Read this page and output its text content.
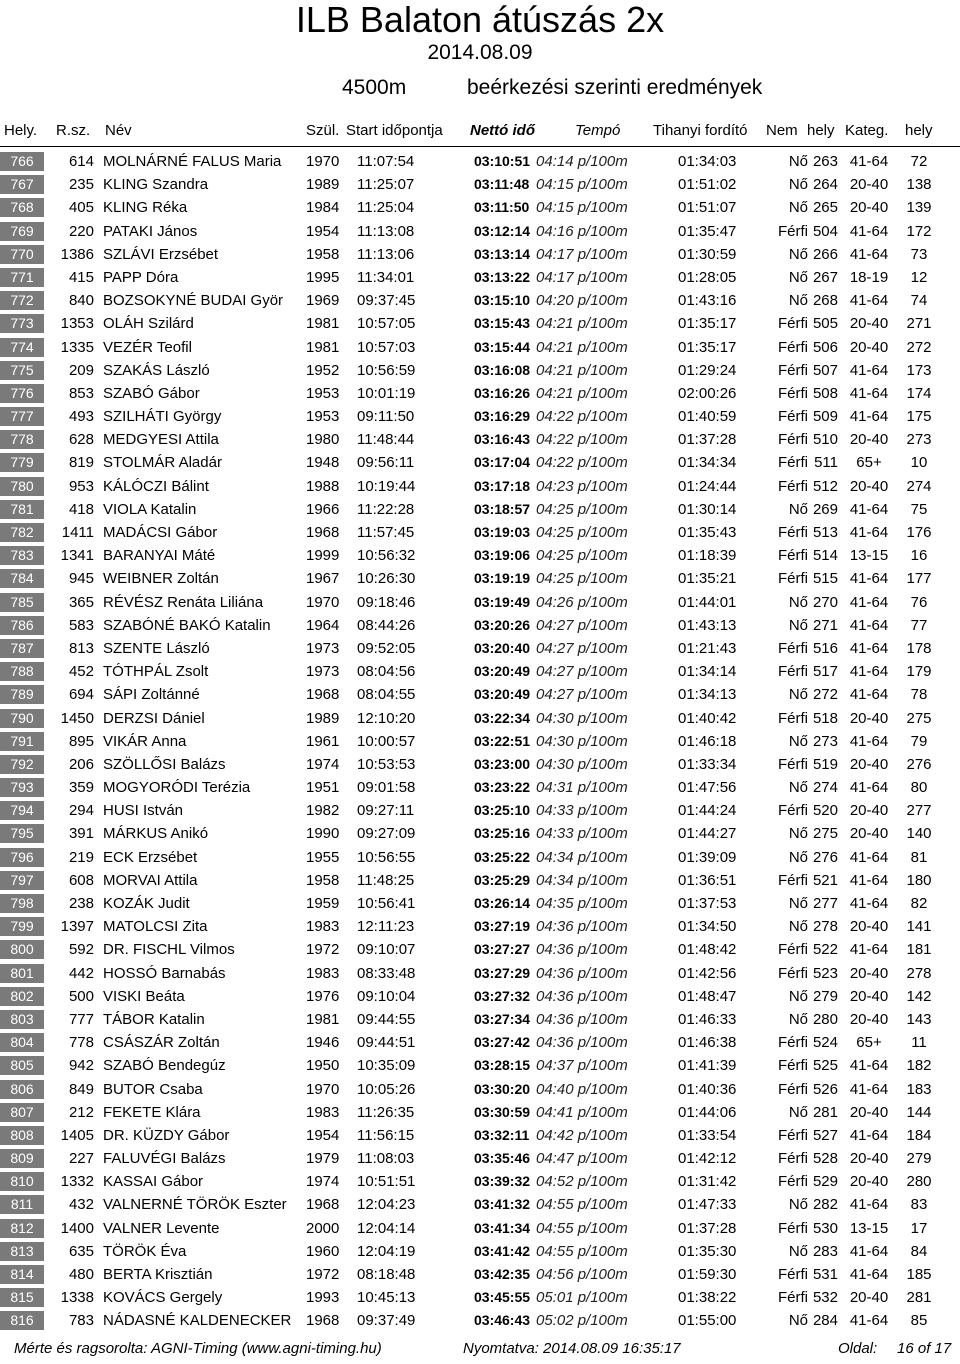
ILB Balaton átúszás 2x
2014.08.09
4500m	beérkezési szerinti eredmények
Hely. R.sz. Név	Szül. Start időpontja Nettó idő	Tempó Tihanyi fordító Nem hely Kateg. hely
766	614 MOLNÁRNÉ FALUS Maria	1970 11:07:54	03:10:51 04:14 p/100m	01:34:03	Nő 263 41-64	72
767	235 KLING Szandra	1989 11:25:07	03:11:48 04:15 p/100m	01:51:02	Nő 264 20-40	138
768	405 KLING Réka	1984 11:25:04	03:11:50 04:15 p/100m	01:51:07	Nő 265 20-40	139
769	220 PATAKI János	1954 11:13:08	03:12:14 04:16 p/100m	01:35:47	Férfi 504 41-64	172
770	1386 SZLÁVI Erzsébet	1958 11:13:06	03:13:14 04:17 p/100m	01:30:59	Nő 266 41-64	73
771	415 PAPP Dóra	1995 11:34:01	03:13:22 04:17 p/100m	01:28:05	Nő 267 18-19	12
772	840 BOZSOKYNÉ BUDAI Györ	1969 09:37:45	03:15:10 04:20 p/100m	01:43:16	Nő 268 41-64	74
773	1353 OLÁH Szilárd	1981 10:57:05	03:15:43 04:21 p/100m	01:35:17	Férfi 505 20-40	271
774	1335 VEZÉR Teofil	1981 10:57:03	03:15:44 04:21 p/100m	01:35:17	Férfi 506 20-40	272
775	209 SZAKÁS László	1952 10:56:59	03:16:08 04:21 p/100m	01:29:24	Férfi 507 41-64	173
776	853 SZABÓ Gábor	1953 10:01:19	03:16:26 04:21 p/100m	02:00:26	Férfi 508 41-64	174
777	493 SZILHÁTI György	1953 09:11:50	03:16:29 04:22 p/100m	01:40:59	Férfi 509 41-64	175
778	628 MEDGYESI Attila	1980 11:48:44	03:16:43 04:22 p/100m	01:37:28	Férfi 510 20-40	273
779	819 STOLMÁR Aladár	1948 09:56:11	03:17:04 04:22 p/100m	01:34:34	Férfi 511	65+	10
780	953 KÁLÓCZI Bálint	1988 10:19:44	03:17:18 04:23 p/100m	01:24:44	Férfi 512 20-40	274
781	418 VIOLA Katalin	1966 11:22:28	03:18:57 04:25 p/100m	01:30:14	Nő 269 41-64	75
782	1411 MADÁCSI Gábor	1968 11:57:45	03:19:03 04:25 p/100m	01:35:43	Férfi 513 41-64	176
783	1341 BARANYAI Máté	1999 10:56:32	03:19:06 04:25 p/100m	01:18:39	Férfi 514 13-15	16
784	945 WEIBNER Zoltán	1967 10:26:30	03:19:19 04:25 p/100m	01:35:21	Férfi 515 41-64	177
785	365 RÉVÉSZ Renáta Liliána	1970 09:18:46	03:19:49 04:26 p/100m	01:44:01	Nő 270 41-64	76
786	583 SZABÓNÉ BAKÓ Katalin	1964 08:44:26	03:20:26 04:27 p/100m	01:43:13	Nő 271 41-64	77
787	813 SZENTE László	1973 09:52:05	03:20:40 04:27 p/100m	01:21:43	Férfi 516 41-64	178
788	452 TÓTHPÁL Zsolt	1973 08:04:56	03:20:49 04:27 p/100m	01:34:14	Férfi 517 41-64	179
789	694 SÁPI Zoltánné	1968 08:04:55	03:20:49 04:27 p/100m	01:34:13	Nő 272 41-64	78
790	1450 DERZSI Dániel	1989 12:10:20	03:22:34 04:30 p/100m	01:40:42	Férfi 518 20-40	275
791	895 VIKÁR Anna	1961 10:00:57	03:22:51 04:30 p/100m	01:46:18	Nő 273 41-64	79
792	206 SZÖLLŐSI Balázs	1974 10:53:53	03:23:00 04:30 p/100m	01:33:34	Férfi 519 20-40	276
793	359 MOGYORÓDI Terézia	1951 09:01:58	03:23:22 04:31 p/100m	01:47:56	Nő 274 41-64	80
794	294 HUSI István	1982 09:27:11	03:25:10 04:33 p/100m	01:44:24	Férfi 520 20-40	277
795	391 MÁRKUS Anikó	1990 09:27:09	03:25:16 04:33 p/100m	01:44:27	Nő 275 20-40	140
796	219 ECK Erzsébet	1955 10:56:55	03:25:22 04:34 p/100m	01:39:09	Nő 276 41-64	81
797	608 MORVAI Attila	1958 11:48:25	03:25:29 04:34 p/100m	01:36:51	Férfi 521 41-64	180
798	238 KOZÁK Judit	1959 10:56:41	03:26:14 04:35 p/100m	01:37:53	Nő 277 41-64	82
799	1397 MATOLCSI Zita	1983 12:11:23	03:27:19 04:36 p/100m	01:34:50	Nő 278 20-40	141
800	592 DR. FISCHL Vilmos	1972 09:10:07	03:27:27 04:36 p/100m	01:48:42	Férfi 522 41-64	181
801	442 HOSSÓ Barnabás	1983 08:33:48	03:27:29 04:36 p/100m	01:42:56	Férfi 523 20-40	278
802	500 VISKI Beáta	1976 09:10:04	03:27:32 04:36 p/100m	01:48:47	Nő 279 20-40	142
803	777 TÁBOR Katalin	1981 09:44:55	03:27:34 04:36 p/100m	01:46:33	Nő 280 20-40	143
804	778 CSÁSZÁR Zoltán	1946 09:44:51	03:27:42 04:36 p/100m	01:46:38	Férfi 524	65+	11
805	942 SZABÓ Bendegúz	1950 10:35:09	03:28:15 04:37 p/100m	01:41:39	Férfi 525 41-64	182
806	849 BUTOR Csaba	1970 10:05:26	03:30:20 04:40 p/100m	01:40:36	Férfi 526 41-64	183
807	212 FEKETE Klára	1983 11:26:35	03:30:59 04:41 p/100m	01:44:06	Nő 281 20-40	144
808	1405 DR. KÜZDY Gábor	1954 11:56:15	03:32:11 04:42 p/100m	01:33:54	Férfi 527 41-64	184
809	227 FALUVÉGI Balázs	1979 11:08:03	03:35:46 04:47 p/100m	01:42:12	Férfi 528 20-40	279
810	1332 KASSAI Gábor	1974 10:51:51	03:39:32 04:52 p/100m	01:31:42	Férfi 529 20-40	280
811	432 VALNERNÉ TÖRÖK Eszter	1968 12:04:23	03:41:32 04:55 p/100m	01:47:33	Nő 282 41-64	83
812	1400 VALNER Levente	2000 12:04:14	03:41:34 04:55 p/100m	01:37:28	Férfi 530 13-15	17
813	635 TÖRÖK Éva	1960 12:04:19	03:41:42 04:55 p/100m	01:35:30	Nő 283 41-64	84
814	480 BERTA Krisztián	1972 08:18:48	03:42:35 04:56 p/100m	01:59:30	Férfi 531 41-64	185
815	1338 KOVÁCS Gergely	1993 10:45:13	03:45:55 05:01 p/100m	01:38:22	Férfi 532 20-40	281
816	783 NÁDASNÉ KALDENECKER 1968 09:37:49	03:46:43 05:02 p/100m	01:55:00	Nő 284 41-64	85
Mérte és ragsorolta: AGNI-Timing (www.agni-timing.hu)	Nyomtatva: 2014.08.09 16:35:17	Oldal: 16 of 17
